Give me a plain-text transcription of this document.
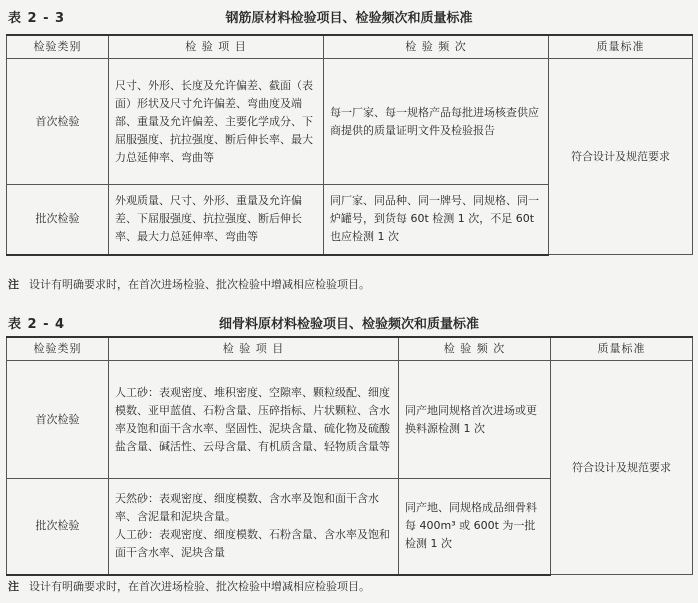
表 2 - 3	钢筋原材料检验项目、检验频次和质量标准
检验类别	检 验 项 目	检 验 频 次	质量标准
首次检验	尺寸、外形、长度及允许偏差、截面（表面）形状及尺寸允许偏差、弯曲度及端部、重量及允许偏差、主要化学成分、下屈服强度、抗拉强度、断后伸长率、最大力总延伸率、弯曲等	每一厂家、每一规格产品每批进场核查供应商提供的质量证明文件及检验报告	符合设计及规范要求
批次检验	外观质量、尺寸、外形、重量及允许偏差、下屈服强度、抗拉强度、断后伸长率、最大力总延伸率、弯曲等	同厂家、同品种、同一牌号、同规格、同一炉罐号，到货每 60t 检测 1 次，不足 60t 也应检测 1 次	
注 设计有明确要求时，在首次进场检验、批次检验中增减相应检验项目。
表 2 - 4	细骨料原材料检验项目、检验频次和质量标准
检验类别	检 验 项 目	检 验 频 次	质量标准
首次检验	人工砂：表观密度、堆积密度、空隙率、颗粒级配、细度模数、亚甲蓝值、石粉含量、压碎指标、片状颗粒、含水率及饱和面干含水率、坚固性、泥块含量、硫化物及硫酸盐含量、碱活性、云母含量、有机质含量、轻物质含量等	同产地同规格首次进场或更换料源检测 1 次	符合设计及规范要求
批次检验	天然砂：表观密度、细度模数、含水率及饱和面干含水率、含泥量和泥块含量。
人工砂：表观密度、细度模数、石粉含量、含水率及饱和面干含水率、泥块含量	同产地、同规格成品细骨料每 400m³ 或 600t 为一批检测 1 次	
注 设计有明确要求时，在首次进场检验、批次检验中增减相应检验项目。
